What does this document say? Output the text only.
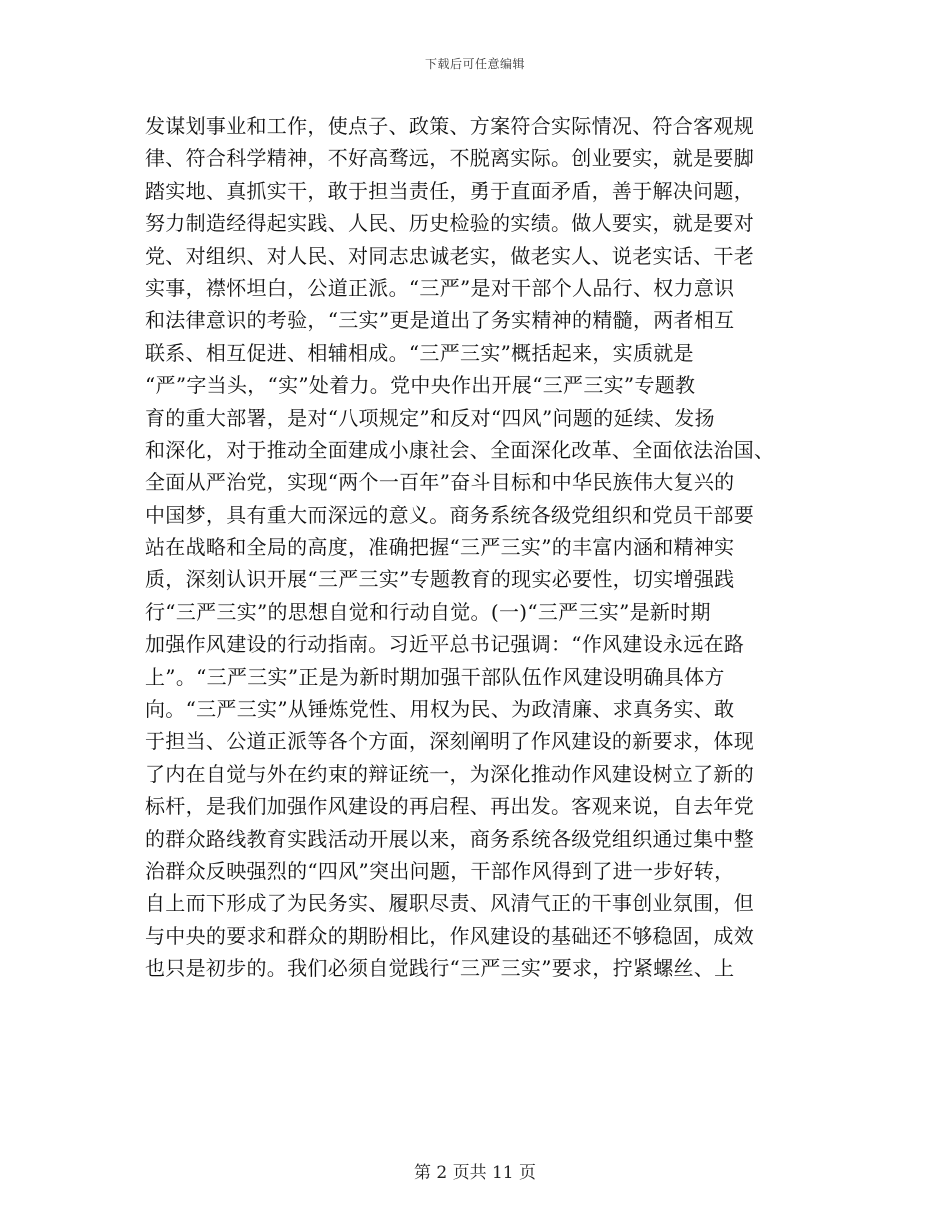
下载后可任意编辑
发谋划事业和工作，使点子、政策、方案符合实际情况、符合客观规
律、符合科学精神，不好高骛远，不脱离实际。创业要实，就是要脚
踏实地、真抓实干，敢于担当责任，勇于直面矛盾，善于解决问题，
努力制造经得起实践、人民、历史检验的实绩。做人要实，就是要对
党、对组织、对人民、对同志忠诚老实，做老实人、说老实话、干老
实事，襟怀坦白，公道正派。“三严”是对干部个人品行、权力意识
和法律意识的考验，“三实”更是道出了务实精神的精髓，两者相互
联系、相互促进、相辅相成。“三严三实”概括起来，实质就是
“严”字当头，“实”处着力。党中央作出开展“三严三实”专题教
育的重大部署，是对“八项规定”和反对“四风”问题的延续、发扬
和深化，对于推动全面建成小康社会、全面深化改革、全面依法治国、
全面从严治党，实现“两个一百年”奋斗目标和中华民族伟大复兴的
中国梦，具有重大而深远的意义。商务系统各级党组织和党员干部要
站在战略和全局的高度，准确把握“三严三实”的丰富内涵和精神实
质，深刻认识开展“三严三实”专题教育的现实必要性，切实增强践
行“三严三实”的思想自觉和行动自觉。(一)“三严三实”是新时期
加强作风建设的行动指南。习近平总书记强调：“作风建设永远在路
上”。“三严三实”正是为新时期加强干部队伍作风建设明确具体方
向。“三严三实”从锤炼党性、用权为民、为政清廉、求真务实、敢
于担当、公道正派等各个方面，深刻阐明了作风建设的新要求，体现
了内在自觉与外在约束的辩证统一，为深化推动作风建设树立了新的
标杆，是我们加强作风建设的再启程、再出发。客观来说，自去年党
的群众路线教育实践活动开展以来，商务系统各级党组织通过集中整
治群众反映强烈的“四风”突出问题，干部作风得到了进一步好转，
自上而下形成了为民务实、履职尽责、风清气正的干事创业氛围，但
与中央的要求和群众的期盼相比，作风建设的基础还不够稳固，成效
也只是初步的。我们必须自觉践行“三严三实”要求，拧紧螺丝、上
第 2 页共 11 页
